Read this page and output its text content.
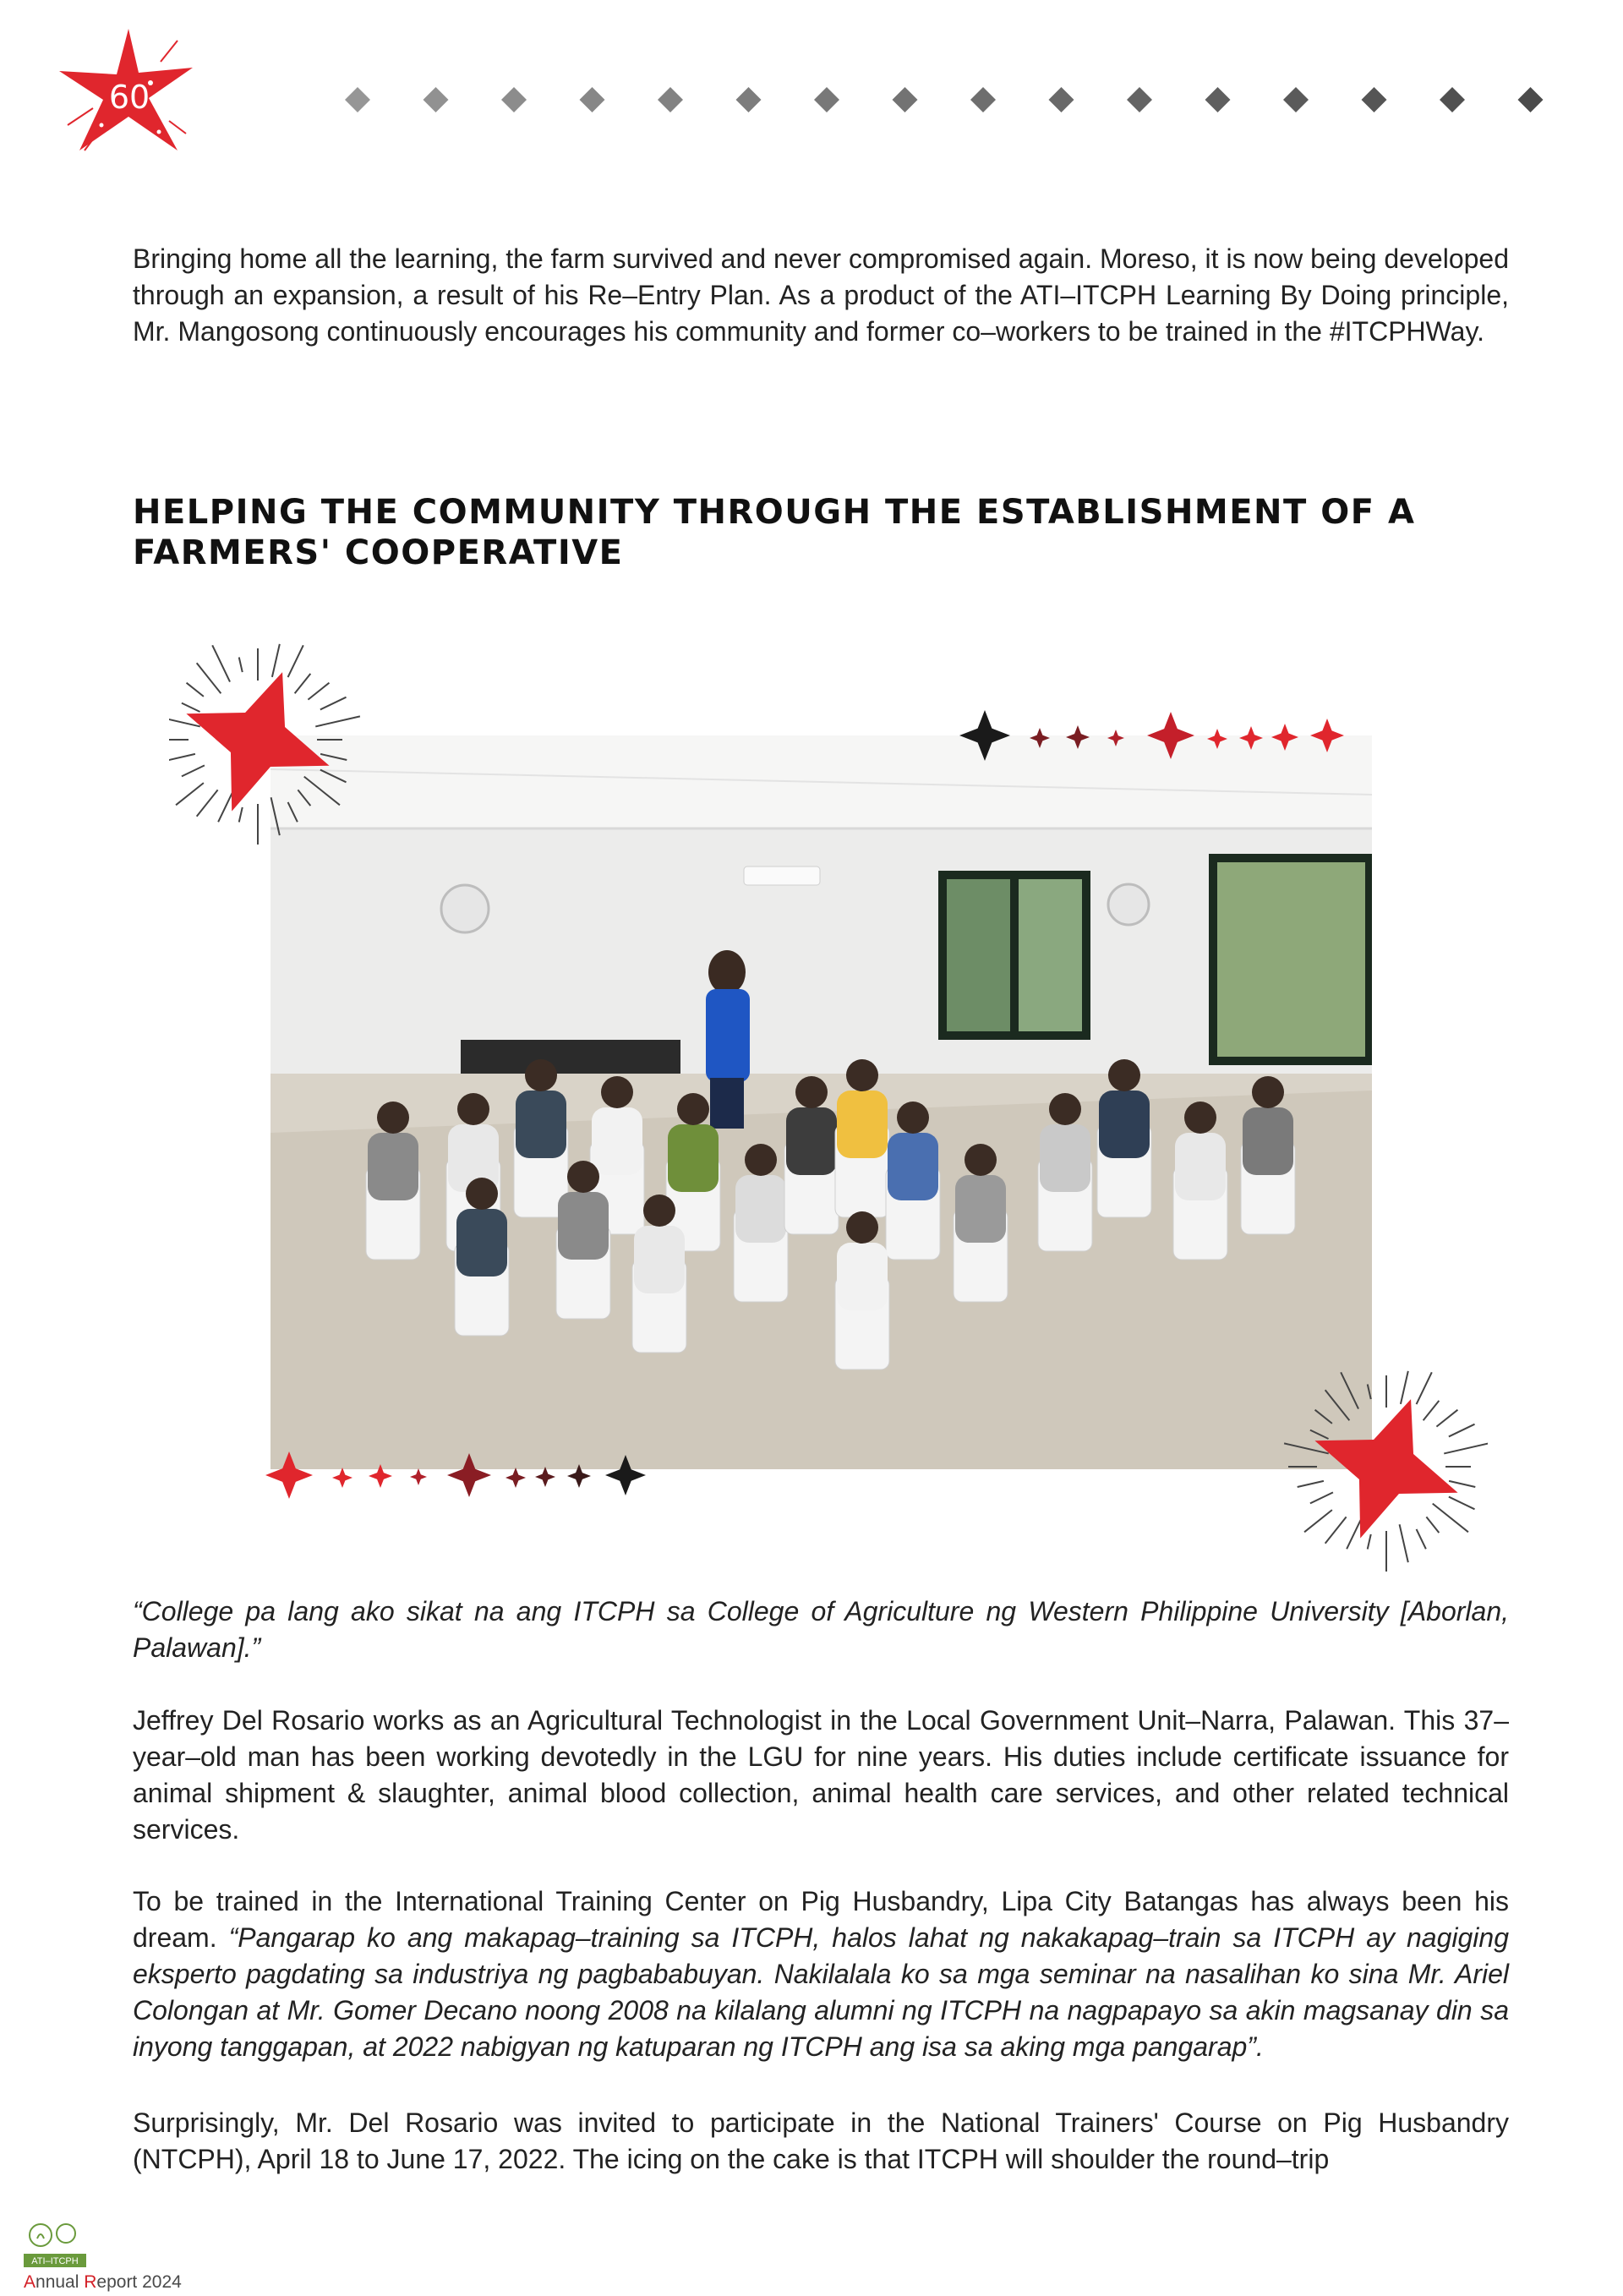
60

Bringing home all the learning, the farm survived and never compromised again. Moreso, it is now being developed through an expansion, a result of his Re–Entry Plan. As a product of the ATI–ITCPH Learning By Doing principle, Mr. Mangosong continuously encourages his community and former co–workers to be trained in the #ITCPHWay.

HELPING THE COMMUNITY THROUGH THE ESTABLISHMENT OF A
FARMERS' COOPERATIVE

“College pa lang ako sikat na ang ITCPH sa College of Agriculture ng Western Philippine University [Aborlan, Palawan].”

Jeffrey Del Rosario works as an Agricultural Technologist in the Local Government Unit–Narra, Palawan. This 37–year–old man has been working devotedly in the LGU for nine years. His duties include certificate issuance for animal shipment & slaughter, animal blood collection, animal health care services, and other related technical services.

To be trained in the International Training Center on Pig Husbandry, Lipa City Batangas has always been his dream. “Pangarap ko ang makapag–training sa ITCPH, halos lahat ng nakakapag–train sa ITCPH ay nagiging eksperto pagdating sa industriya ng pagbababuyan. Nakilalala ko sa mga seminar na nasalihan ko sina Mr. Ariel Colongan at Mr. Gomer Decano noong 2008 na kilalang alumni ng ITCPH na nagpapayo sa akin magsanay din sa inyong tanggapan, at 2022 nabigyan ng katuparan ng ITCPH ang isa sa aking mga pangarap”.

Surprisingly, Mr. Del Rosario was invited to participate in the National Trainers' Course on Pig Husbandry (NTCPH), April 18 to June 17, 2022. The icing on the cake is that ITCPH will shoulder the round–trip

ATI–ITCPH
Annual Report 2024
